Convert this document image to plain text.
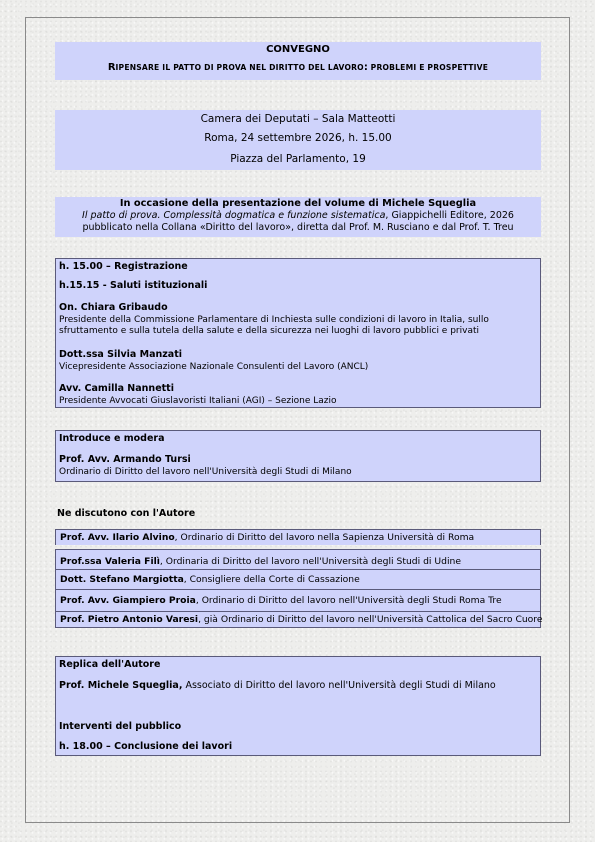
CONVEGNO
RIPENSARE IL PATTO DI PROVA NEL DIRITTO DEL LAVORO: PROBLEMI E PROSPETTIVE
Camera dei Deputati – Sala Matteotti
Roma, 24 settembre 2026, h. 15.00
Piazza del Parlamento, 19
In occasione della presentazione del volume di Michele Squeglia
Il patto di prova. Complessità dogmatica e funzione sistematica, Giappichelli Editore, 2026
pubblicato nella Collana «Diritto del lavoro», diretta dal Prof. M. Rusciano e dal Prof. T. Treu
h. 15.00 – Registrazione
h.15.15 - Saluti istituzionali
On. Chiara Gribaudo
Presidente della Commissione Parlamentare di Inchiesta sulle condizioni di lavoro in Italia, sullo
sfruttamento e sulla tutela della salute e della sicurezza nei luoghi di lavoro pubblici e privati
Dott.ssa Silvia Manzati
Vicepresidente Associazione Nazionale Consulenti del Lavoro (ANCL)
Avv. Camilla Nannetti
Presidente Avvocati Giuslavoristi Italiani (AGI) – Sezione Lazio
Introduce e modera
Prof. Avv. Armando Tursi
Ordinario di Diritto del lavoro nell'Università degli Studi di Milano
Ne discutono con l'Autore
Prof. Avv. Ilario Alvino, Ordinario di Diritto del lavoro nella Sapienza Università di Roma
Prof.ssa Valeria Filì, Ordinaria di Diritto del lavoro nell'Università degli Studi di Udine
Dott. Stefano Margiotta, Consigliere della Corte di Cassazione
Prof. Avv. Giampiero Proia, Ordinario di Diritto del lavoro nell'Università degli Studi Roma Tre
Prof. Pietro Antonio Varesi, già Ordinario di Diritto del lavoro nell'Università Cattolica del Sacro Cuore
Replica dell'Autore
Prof. Michele Squeglia, Associato di Diritto del lavoro nell'Università degli Studi di Milano
Interventi del pubblico
h. 18.00 – Conclusione dei lavori
